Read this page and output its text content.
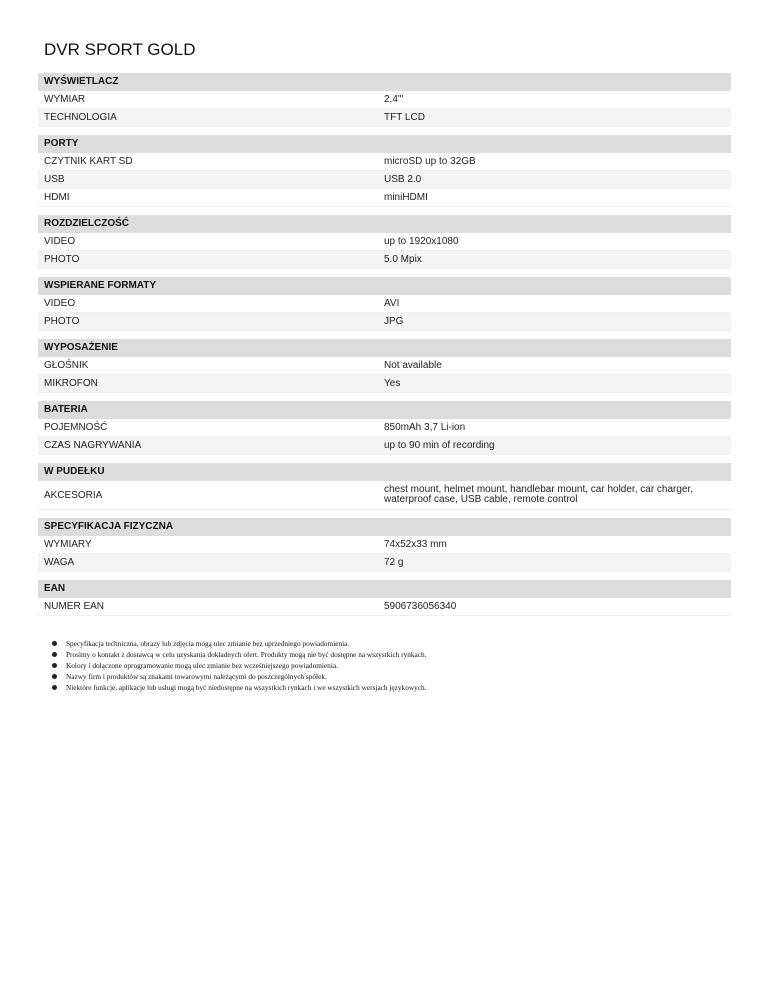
DVR SPORT GOLD
WYŚWIETLACZ
WYMIAR	2.4"'
TECHNOLOGIA	TFT LCD
PORTY
CZYTNIK KART SD	microSD up to 32GB
USB	USB 2.0
HDMI	miniHDMI
ROZDZIELCZOŚĆ
VIDEO	up to 1920x1080
PHOTO	5.0 Mpix
WSPIERANE FORMATY
VIDEO	AVI
PHOTO	JPG
WYPOSAŻENIE
GŁOŚNIK	Not available
MIKROFON	Yes
BATERIA
POJEMNOŚĆ	850mAh 3,7 Li-ion
CZAS NAGRYWANIA	up to 90 min of recording
W PUDEŁKU
AKCESORIA	chest mount, helmet mount, handlebar mount, car holder, car charger, waterproof case, USB cable, remote control
SPECYFIKACJA FIZYCZNA
WYMIARY	74x52x33 mm
WAGA	72 g
EAN
NUMER EAN	5906736056340
Specyfikacja techniczna, obrazy lub zdjęcia mogą ulec zmianie bez uprzedniego powiadomienia.
Prosimy o kontakt z dostawcą w celu uzyskania dokładnych ofert. Produkty mogą nie być dostępne na wszystkich rynkach.
Kolory i dołączone oprogramowanie mogą ulec zmianie bez wcześniejszego powiadomienia.
Nazwy firm i produktów są znakami towarowymi należącymi do poszczególnych spółek.
Niektóre funkcje, aplikacje lub usługi mogą być niedostępne na wszystkich rynkach i we wszystkich wersjach językowych.
